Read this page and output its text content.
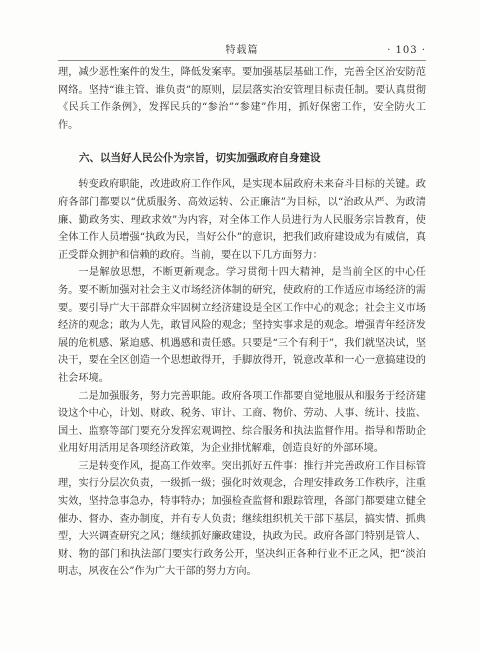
特载篇	· 103 ·

理，减少恶性案件的发生，降低发案率。要加强基层基础工作，完善全区治安防范网络。坚持“谁主管、谁负责”的原则，层层落实治安管理目标责任制。要认真贯彻《民兵工作条例》，发挥民兵的“参治”“参建”作用，抓好保密工作，安全防火工作。

六、以当好人民公仆为宗旨，切实加强政府自身建设

转变政府职能，改进政府工作作风，是实现本届政府未来奋斗目标的关键。政府各部门都要以“优质服务、高效运转、公正廉洁”为目标，以“治政从严、为政清廉、勤政务实、理政求效”为内容，对全体工作人员进行为人民服务宗旨教育，使全体工作人员增强“执政为民，当好公仆”的意识，把我们政府建设成为有威信，真正受群众拥护和信赖的政府。当前，要在以下几方面努力：

一是解放思想，不断更新观念。学习贯彻十四大精神，是当前全区的中心任务。要不断加强对社会主义市场经济体制的研究，使政府的工作适应市场经济的需要。要引导广大干部群众牢固树立经济建设是全区工作中心的观念；社会主义市场经济的观念；敢为人先，敢冒风险的观念；坚持实事求是的观念。增强青年经济发展的危机感、紧迫感、机遇感和责任感。只要是“三个有利于”，我们就坚决试，坚决干，要在全区创造一个思想敢得开，手脚放得开，锐意改革和一心一意搞建设的社会环境。

二是加强服务，努力完善职能。政府各项工作都要自觉地服从和服务于经济建设这个中心，计划、财政、税务、审计、工商、物价、劳动、人事、统计、技监、国土、监察等部门要充分发挥宏观调控、综合服务和执法监督作用。指导和帮助企业用好用活用足各项经济政策，为企业排忧解难，创造良好的外部环境。

三是转变作风，提高工作效率。突出抓好五件事：推行并完善政府工作目标管理，实行分层次负责，一级抓一级；强化时效观念，合理安排政务工作秩序，注重实效，坚持急事急办，特事特办；加强检查监督和跟踪管理，各部门都要建立健全催办、督办、查办制度，并有专人负责；继续组织机关干部下基层，搞实情、抓典型，大兴调查研究之风；继续抓好廉政建设，执政为民。政府各部门特别是管人、财、物的部门和执法部门要实行政务公开，坚决纠正各种行业不正之风，把“淡泊明志，夙夜在公”作为广大干部的努力方向。
